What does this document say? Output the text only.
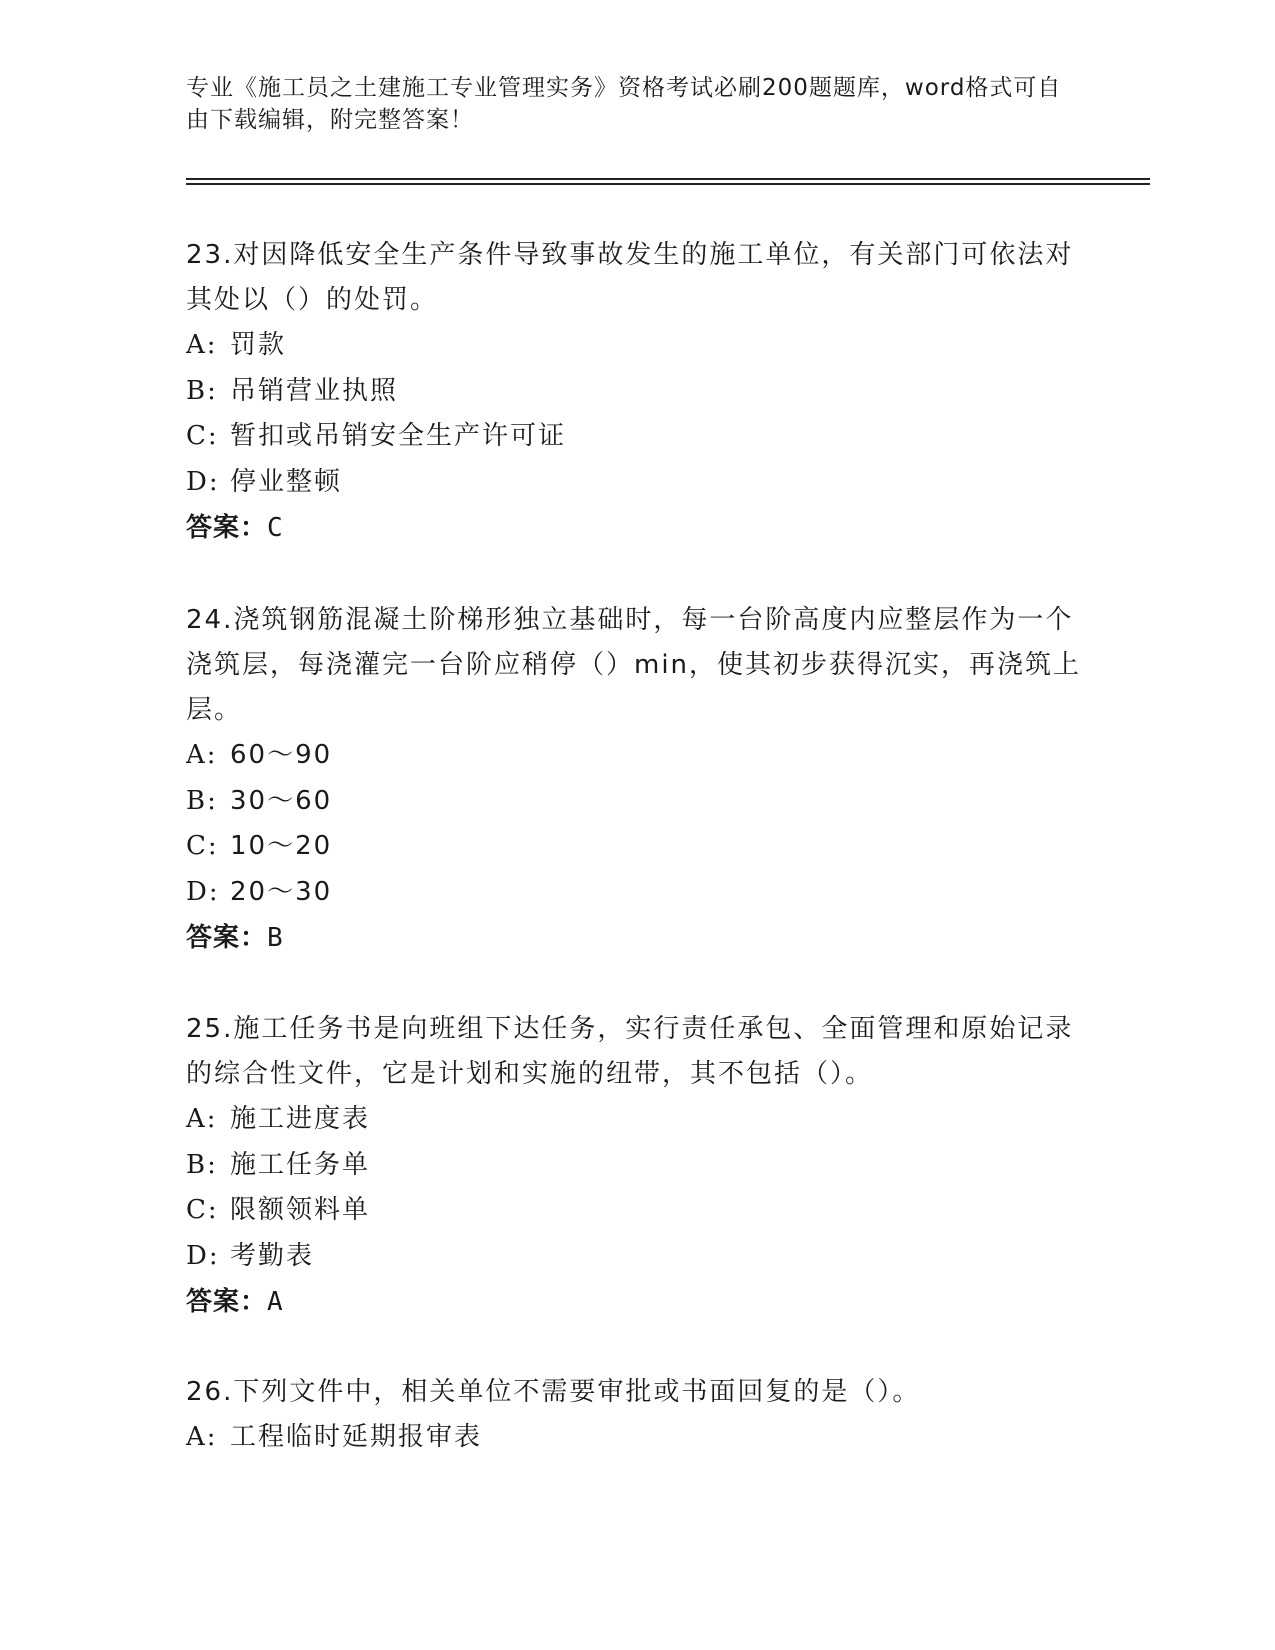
专业《施工员之土建施工专业管理实务》资格考试必刷200题题库，word格式可自由下载编辑，附完整答案！

23.对因降低安全生产条件导致事故发生的施工单位，有关部门可依法对其处以（）的处罚。

A: 罚款
B: 吊销营业执照
C: 暂扣或吊销安全生产许可证
D: 停业整顿
答案：C

24.浇筑钢筋混凝土阶梯形独立基础时，每一台阶高度内应整层作为一个浇筑层，每浇灌完一台阶应稍停（）min，使其初步获得沉实，再浇筑上层。

A: 60～90
B: 30～60
C: 10～20
D: 20～30
答案：B

25.施工任务书是向班组下达任务，实行责任承包、全面管理和原始记录的综合性文件，它是计划和实施的纽带，其不包括（）。

A: 施工进度表
B: 施工任务单
C: 限额领料单
D: 考勤表
答案：A

26.下列文件中，相关单位不需要审批或书面回复的是（）。

A: 工程临时延期报审表
